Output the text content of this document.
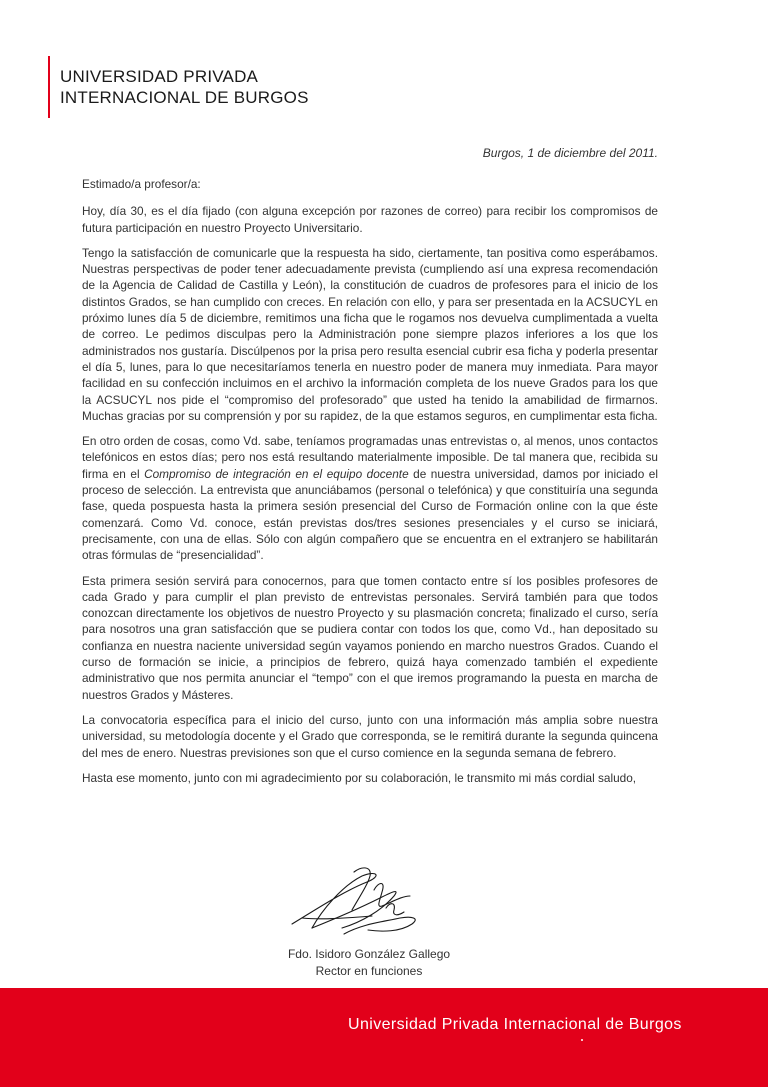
UNIVERSIDAD PRIVADA
INTERNACIONAL DE BURGOS
Burgos, 1 de diciembre del 2011.

Estimado/a profesor/a:

Hoy, día 30, es el día fijado (con alguna excepción por razones de correo) para recibir los compromisos de futura participación en nuestro Proyecto Universitario.

Tengo la satisfacción de comunicarle que la respuesta ha sido, ciertamente, tan positiva como esperábamos. Nuestras perspectivas de poder tener adecuadamente prevista (cumpliendo así una expresa recomendación de la Agencia de Calidad de Castilla y León), la constitución de cuadros de profesores para el inicio de los distintos Grados, se han cumplido con creces. En relación con ello, y para ser presentada en la ACSUCYL en próximo lunes día 5 de diciembre, remitimos una ficha que le rogamos nos devuelva cumplimentada a vuelta de correo. Le pedimos disculpas pero la Administración pone siempre plazos inferiores a los que los administrados nos gustaría. Discúlpenos por la prisa pero resulta esencial cubrir esa ficha y poderla presentar el día 5, lunes, para lo que necesitaríamos tenerla en nuestro poder de manera muy inmediata. Para mayor facilidad en su confección incluimos en el archivo la información completa de los nueve Grados para los que la ACSUCYL nos pide el “compromiso del profesorado” que usted ha tenido la amabilidad de firmarnos. Muchas gracias por su comprensión y por su rapidez, de la que estamos seguros, en cumplimentar esta ficha.

En otro orden de cosas, como Vd. sabe, teníamos programadas unas entrevistas o, al menos, unos contactos telefónicos en estos días; pero nos está resultando materialmente imposible. De tal manera que, recibida su firma en el Compromiso de integración en el equipo docente de nuestra universidad, damos por iniciado el proceso de selección. La entrevista que anunciábamos (personal o telefónica) y que constituiría una segunda fase, queda pospuesta hasta la primera sesión presencial del Curso de Formación online con la que éste comenzará. Como Vd. conoce, están previstas dos/tres sesiones presenciales y el curso se iniciará, precisamente, con una de ellas. Sólo con algún compañero que se encuentra en el extranjero se habilitarán otras fórmulas de “presencialidad”.

Esta primera sesión servirá para conocernos, para que tomen contacto entre sí los posibles profesores de cada Grado y para cumplir el plan previsto de entrevistas personales. Servirá también para que todos conozcan directamente los objetivos de nuestro Proyecto y su plasmación concreta; finalizado el curso, sería para nosotros una gran satisfacción que se pudiera contar con todos los que, como Vd., han depositado su confianza en nuestra naciente universidad según vayamos poniendo en marcho nuestros Grados. Cuando el curso de formación se inicie, a principios de febrero, quizá haya comenzado también el expediente administrativo que nos permita anunciar el “tempo” con el que iremos programando la puesta en marcha de nuestros Grados y Másteres.

La convocatoria específica para el inicio del curso, junto con una información más amplia sobre nuestra universidad, su metodología docente y el Grado que corresponda, se le remitirá durante la segunda quincena del mes de enero. Nuestras previsiones son que el curso comience en la segunda semana de febrero.

Hasta ese momento, junto con mi agradecimiento por su colaboración, le transmito mi más cordial saludo,

Fdo. Isidoro González Gallego
Rector en funciones
Universidad Privada Internacional de Burgos
